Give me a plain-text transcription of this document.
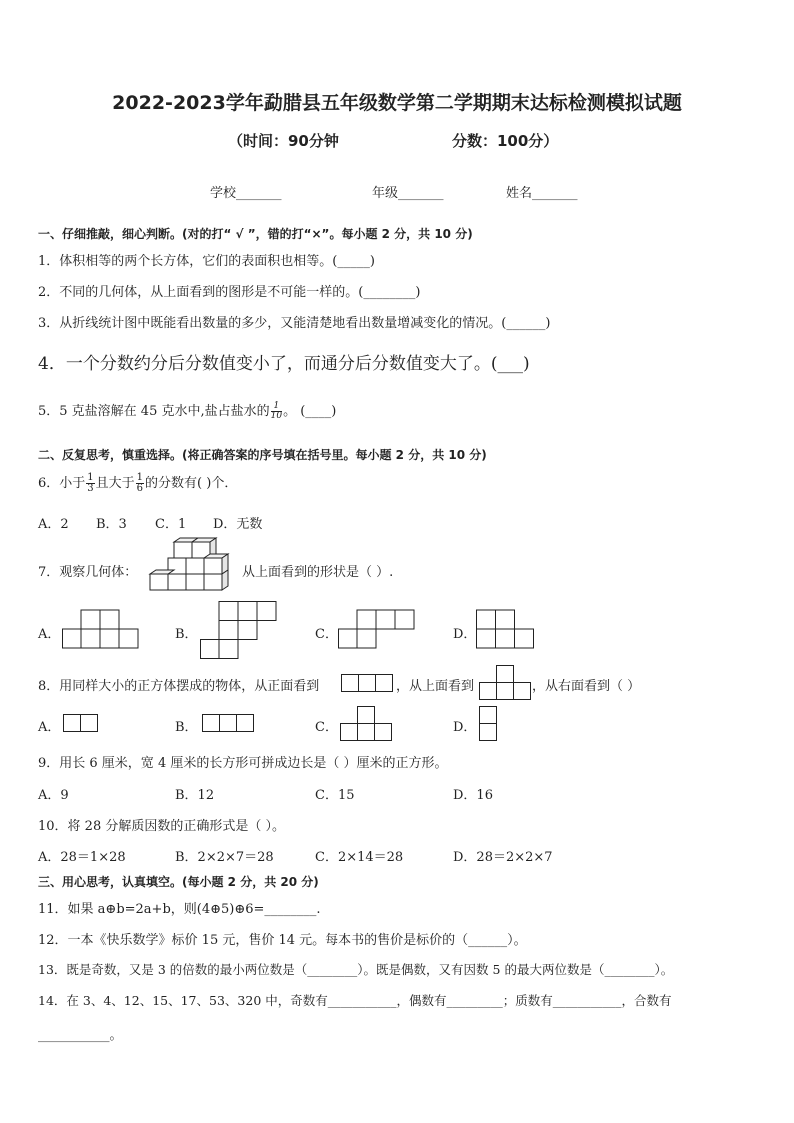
2022-2023学年勐腊县五年级数学第二学期期末达标检测模拟试题
（时间：90分钟	分数：100分）
学校_______	年级_______	姓名_______
一、仔细推敲，细心判断。(对的打“ √ ”，错的打“×”。每小题 2 分，共 10 分)
1．体积相等的两个长方体，它们的表面积也相等。(_____)
2．不同的几何体，从上面看到的图形是不可能一样的。(________)
3．从折线统计图中既能看出数量的多少，又能清楚地看出数量增减变化的情况。(______)
4．一个分数约分后分数值变小了，而通分后分数值变大了。(___)
5．5 克盐溶解在 45 克水中,盐占盐水的 $\frac{1}{10}$ 。 (____)
二、反复思考，慎重选择。(将正确答案的序号填在括号里。每小题 2 分，共 10 分)
6．小于 $\frac{1}{3}$ 且大于 $\frac{1}{6}$ 的分数有( )个．
A．2 B．3 C．1 D．无数
7．观察几何体：	从上面看到的形状是（ ）.
A．	B．	C．	D．
8．用同样大小的正方体摆成的物体，从正面看到	，从上面看到	，从右面看到（ ）
A．	B．	C．	D．
9．用长 6 厘米，宽 4 厘米的长方形可拼成边长是（ ）厘米的正方形。
A．9	B．12	C．15	D．16
10．将 28 分解质因数的正确形式是（ ）。
A．28＝1×28	B．2×2×7＝28	C．2×14＝28	D．28＝2×2×7
三、用心思考，认真填空。(每小题 2 分，共 20 分)
11．如果 a⊕b=2a+b，则(4⊕5)⊕6=________.
12．一本《快乐数学》标价 15 元，售价 14 元。每本书的售价是标价的（______）。
13．既是奇数，又是 3 的倍数的最小两位数是（________）。既是偶数，又有因数 5 的最大两位数是（________）。
14．在 3、4、12、15、17、53、320 中，奇数有___________，偶数有_________；质数有___________，合数有
___________。
